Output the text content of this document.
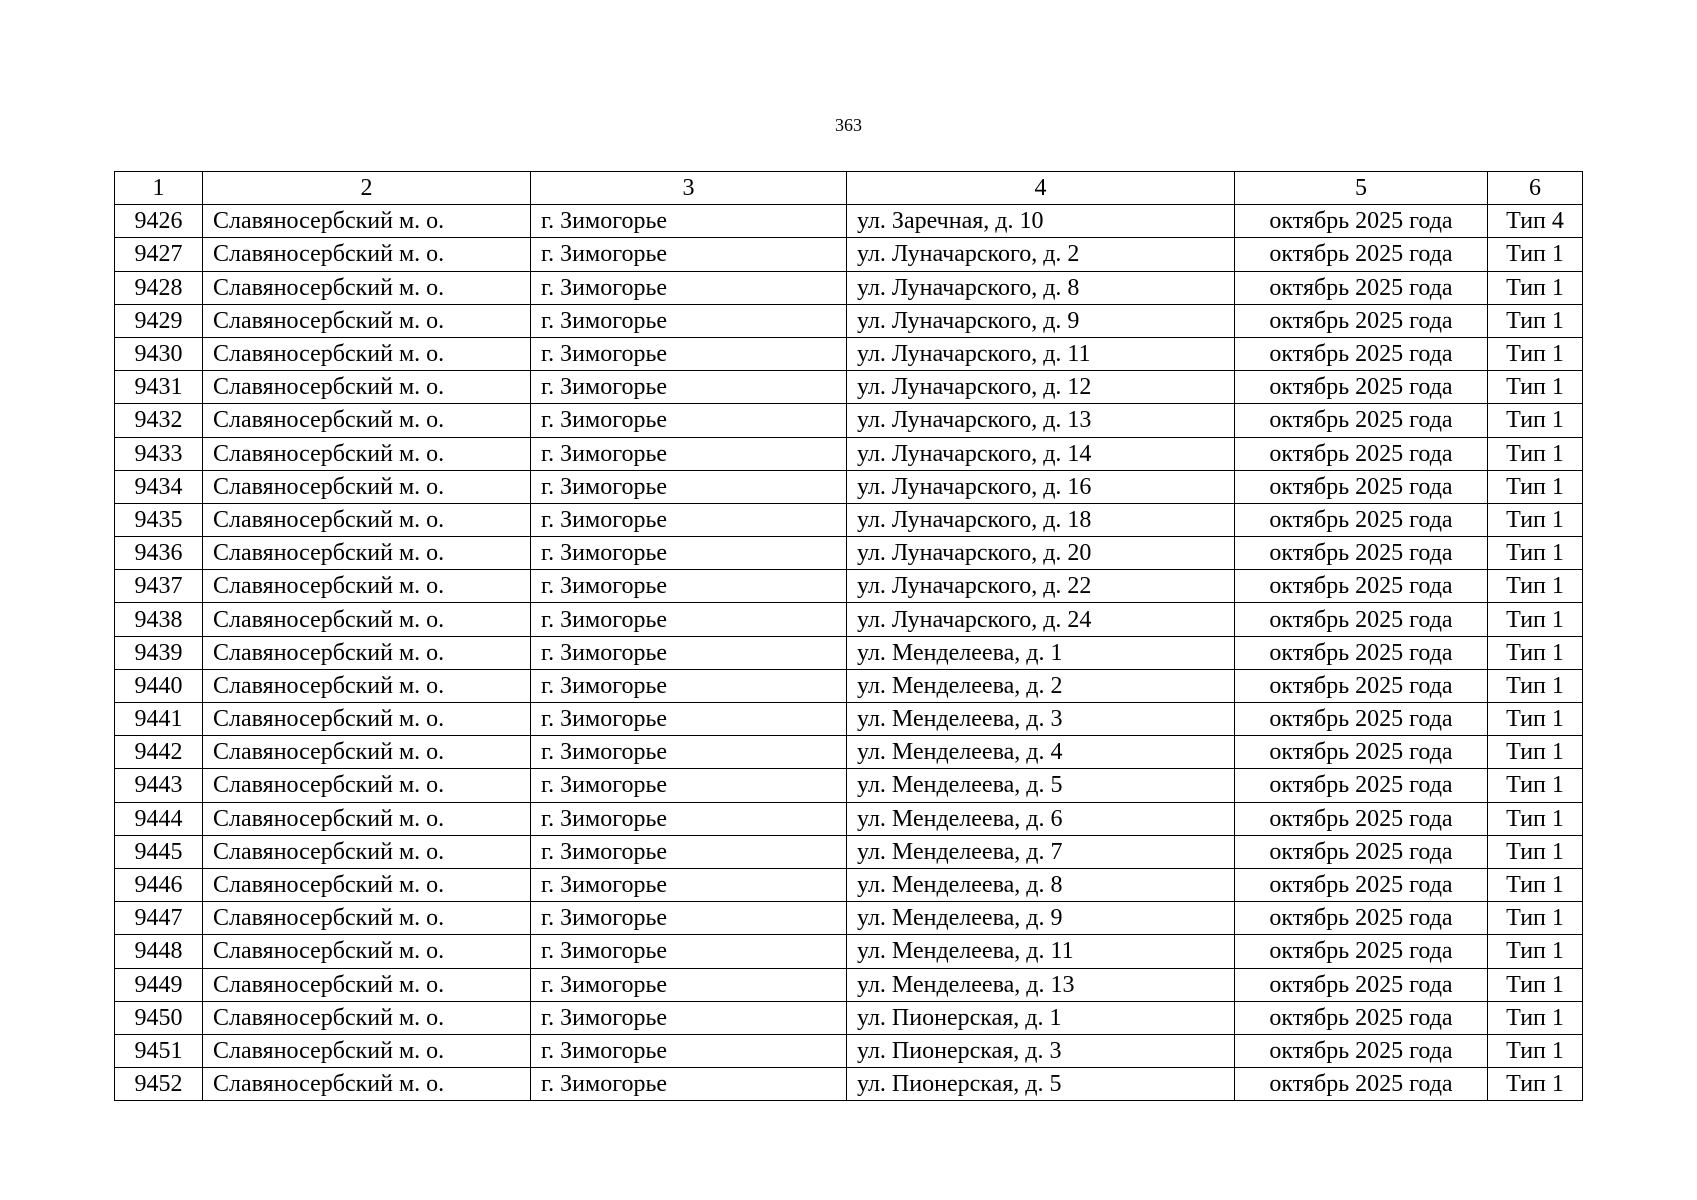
363
1	2	3	4	5	6
9426	Славяносербский м. о.	г. Зимогорье	ул. Заречная, д. 10	октябрь 2025 года	Тип 4
9427	Славяносербский м. о.	г. Зимогорье	ул. Луначарского, д. 2	октябрь 2025 года	Тип 1
9428	Славяносербский м. о.	г. Зимогорье	ул. Луначарского, д. 8	октябрь 2025 года	Тип 1
9429	Славяносербский м. о.	г. Зимогорье	ул. Луначарского, д. 9	октябрь 2025 года	Тип 1
9430	Славяносербский м. о.	г. Зимогорье	ул. Луначарского, д. 11	октябрь 2025 года	Тип 1
9431	Славяносербский м. о.	г. Зимогорье	ул. Луначарского, д. 12	октябрь 2025 года	Тип 1
9432	Славяносербский м. о.	г. Зимогорье	ул. Луначарского, д. 13	октябрь 2025 года	Тип 1
9433	Славяносербский м. о.	г. Зимогорье	ул. Луначарского, д. 14	октябрь 2025 года	Тип 1
9434	Славяносербский м. о.	г. Зимогорье	ул. Луначарского, д. 16	октябрь 2025 года	Тип 1
9435	Славяносербский м. о.	г. Зимогорье	ул. Луначарского, д. 18	октябрь 2025 года	Тип 1
9436	Славяносербский м. о.	г. Зимогорье	ул. Луначарского, д. 20	октябрь 2025 года	Тип 1
9437	Славяносербский м. о.	г. Зимогорье	ул. Луначарского, д. 22	октябрь 2025 года	Тип 1
9438	Славяносербский м. о.	г. Зимогорье	ул. Луначарского, д. 24	октябрь 2025 года	Тип 1
9439	Славяносербский м. о.	г. Зимогорье	ул. Менделеева, д. 1	октябрь 2025 года	Тип 1
9440	Славяносербский м. о.	г. Зимогорье	ул. Менделеева, д. 2	октябрь 2025 года	Тип 1
9441	Славяносербский м. о.	г. Зимогорье	ул. Менделеева, д. 3	октябрь 2025 года	Тип 1
9442	Славяносербский м. о.	г. Зимогорье	ул. Менделеева, д. 4	октябрь 2025 года	Тип 1
9443	Славяносербский м. о.	г. Зимогорье	ул. Менделеева, д. 5	октябрь 2025 года	Тип 1
9444	Славяносербский м. о.	г. Зимогорье	ул. Менделеева, д. 6	октябрь 2025 года	Тип 1
9445	Славяносербский м. о.	г. Зимогорье	ул. Менделеева, д. 7	октябрь 2025 года	Тип 1
9446	Славяносербский м. о.	г. Зимогорье	ул. Менделеева, д. 8	октябрь 2025 года	Тип 1
9447	Славяносербский м. о.	г. Зимогорье	ул. Менделеева, д. 9	октябрь 2025 года	Тип 1
9448	Славяносербский м. о.	г. Зимогорье	ул. Менделеева, д. 11	октябрь 2025 года	Тип 1
9449	Славяносербский м. о.	г. Зимогорье	ул. Менделеева, д. 13	октябрь 2025 года	Тип 1
9450	Славяносербский м. о.	г. Зимогорье	ул. Пионерская, д. 1	октябрь 2025 года	Тип 1
9451	Славяносербский м. о.	г. Зимогорье	ул. Пионерская, д. 3	октябрь 2025 года	Тип 1
9452	Славяносербский м. о.	г. Зимогорье	ул. Пионерская, д. 5	октябрь 2025 года	Тип 1
